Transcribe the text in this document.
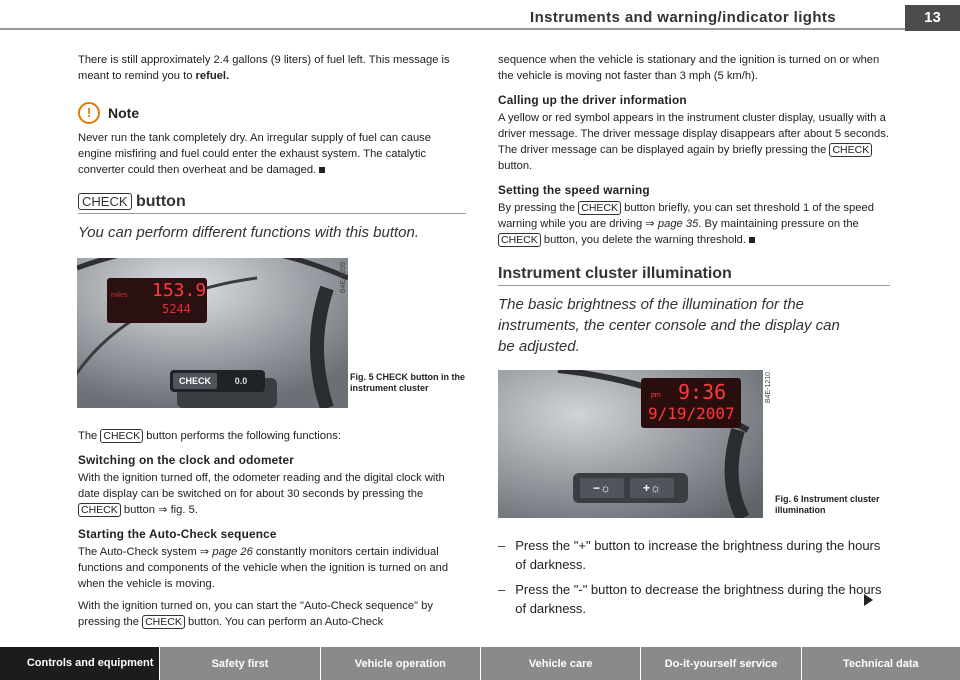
Instruments and warning/indicator lights	13

There is still approximately 2.4 gallons (9 liters) of fuel left. This message is meant to remind you to refuel.

!	Note

Never run the tank completely dry. An irregular supply of fuel can cause engine misfiring and fuel could enter the exhaust system. The catalytic converter could then overheat and be damaged.

CHECK button
You can perform different functions with this button.
miles 153.9
5244
CHECK	0.0
B4E-1209
Fig. 5 CHECK button in the instrument cluster

The CHECK button performs the following functions:

Switching on the clock and odometer

With the ignition turned off, the odometer reading and the digital clock with date display can be switched on for about 30 seconds by pressing the CHECK button ⇒ fig. 5.

Starting the Auto-Check sequence

The Auto-Check system ⇒ page 26 constantly monitors certain individual functions and components of the vehicle when the ignition is turned on and when the vehicle is moving.

With the ignition turned on, you can start the "Auto-Check sequence" by pressing the CHECK button. You can perform an Auto-Check

sequence when the vehicle is stationary and the ignition is turned on or when the vehicle is moving not faster than 3 mph (5 km/h).

Calling up the driver information

A yellow or red symbol appears in the instrument cluster display, usually with a driver message. The driver message display disappears after about 5 seconds. The driver message can be displayed again by briefly pressing the CHECK button.

Setting the speed warning

By pressing the CHECK button briefly, you can set threshold 1 of the speed warning while you are driving ⇒ page 35. By maintaining pressure on the CHECK button, you delete the warning threshold.

Instrument cluster illumination
The basic brightness of the illumination for the instruments, the center console and the display can be adjusted.
pm 9:36
9/19/2007
−☼	+☼
B4E-1210
Fig. 6 Instrument cluster illumination
– Press the "+" button to increase the brightness during the hours of darkness.
– Press the "-" button to decrease the brightness during the hours of darkness.
Controls and equipment	Safety first	Vehicle operation	Vehicle care	Do-it-yourself service	Technical data
